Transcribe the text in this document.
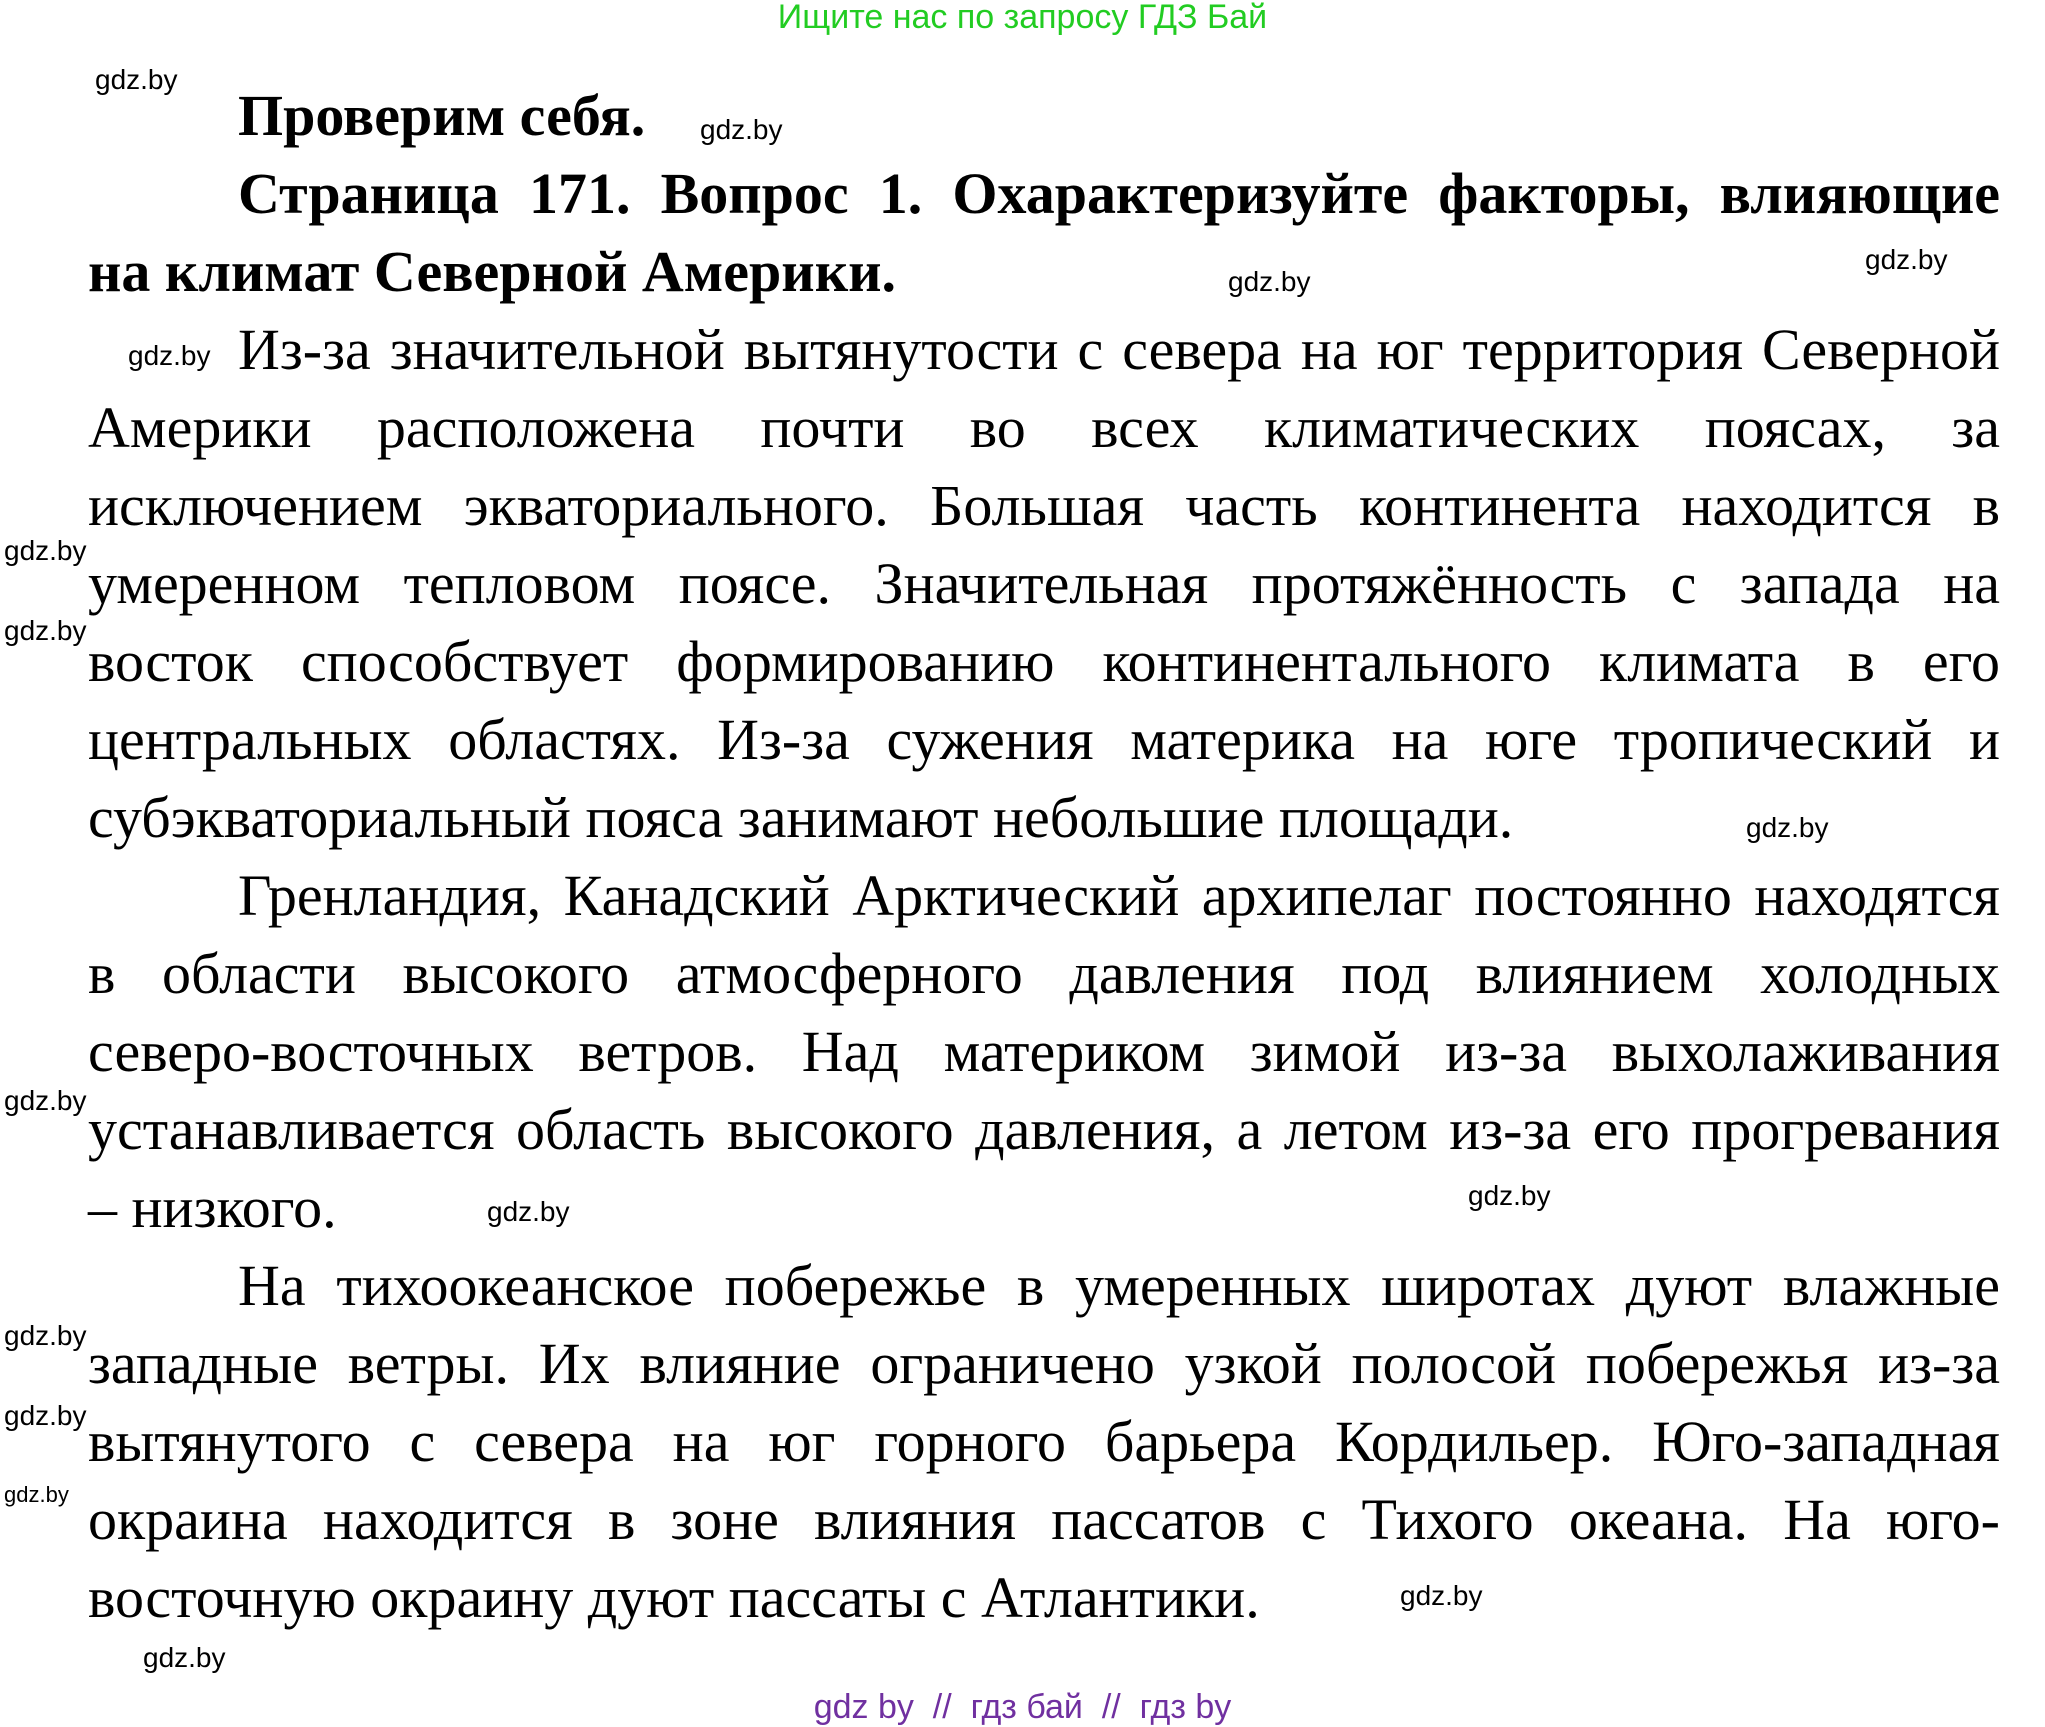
Ищите нас по запросу ГДЗ Бай
Проверим себя.
Страница 171. Вопрос 1. Охарактеризуйте факторы, влияющие
на климат Северной Америки.
Из-за значительной вытянутости с севера на юг территория Северной
Америки расположена почти во всех климатических поясах, за
исключением экваториального. Большая часть континента находится в
умеренном тепловом поясе. Значительная протяжённость с запада на
восток способствует формированию континентального климата в его
центральных областях. Из-за сужения материка на юге тропический и
субэкваториальный пояса занимают небольшие площади.
Гренландия, Канадский Арктический архипелаг постоянно находятся
в области высокого атмосферного давления под влиянием холодных
северо-восточных ветров. Над материком зимой из-за выхолаживания
устанавливается область высокого давления, а летом из-за его прогревания
– низкого.
На тихоокеанское побережье в умеренных широтах дуют влажные
западные ветры. Их влияние ограничено узкой полосой побережья из-за
вытянутого с севера на юг горного барьера Кордильер. Юго-западная
окраина находится в зоне влияния пассатов с Тихого океана. На юго-
восточную окраину дуют пассаты с Атлантики.
gdz.by
gdz.by
gdz.by
gdz.by
gdz.by
gdz.by
gdz.by
gdz.by
gdz.by
gdz.by
gdz.by
gdz.by
gdz.by
gdz.by
gdz.by
gdz.by
gdz by  //  гдз бай  //  гдз by
